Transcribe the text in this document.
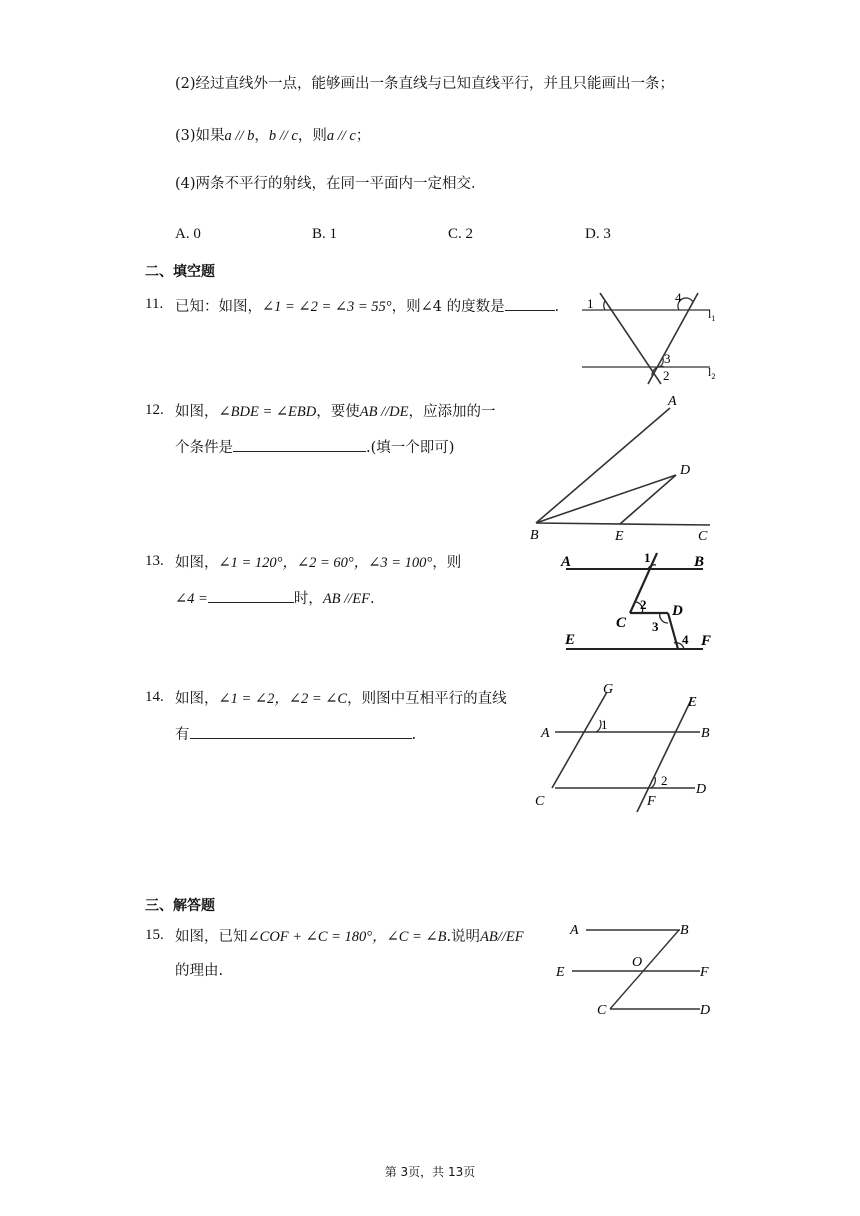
(2)经过直线外一点，能够画出一条直线与已知直线平行，并且只能画出一条；
(3)如果a // b，b // c，则a // c；
(4)两条不平行的射线，在同一平面内一定相交．
A. 0	B. 1	C. 2	D. 3
二、填空题
11. 已知：如图，∠1 = ∠2 = ∠3 = 55°，则∠4 的度数是	． 1	4
3
2
$l_1$
$l_2$
12. 如图，∠BDE = ∠EBD，要使AB //DE，应添加的一
个条件是	.(填一个即可)
A
D
B	E	C
13. 如图，∠1 = 120°，∠2 = 60°，∠3 = 100°，则
∠4 =	时，AB //EF.
A	1	B
2 D
C 3
4
E	F
14. 如图，∠1 = ∠2，∠2 = ∠C，则图中互相平行的直线
有	.
G
E
1
A	B
2
D
C	F
三、解答题
15. 如图，已知∠COF + ∠C = 180°，∠C = ∠B.说明AB//EF
的理由.
A	B
O
E	F
C	D
第 3页，共 13页
